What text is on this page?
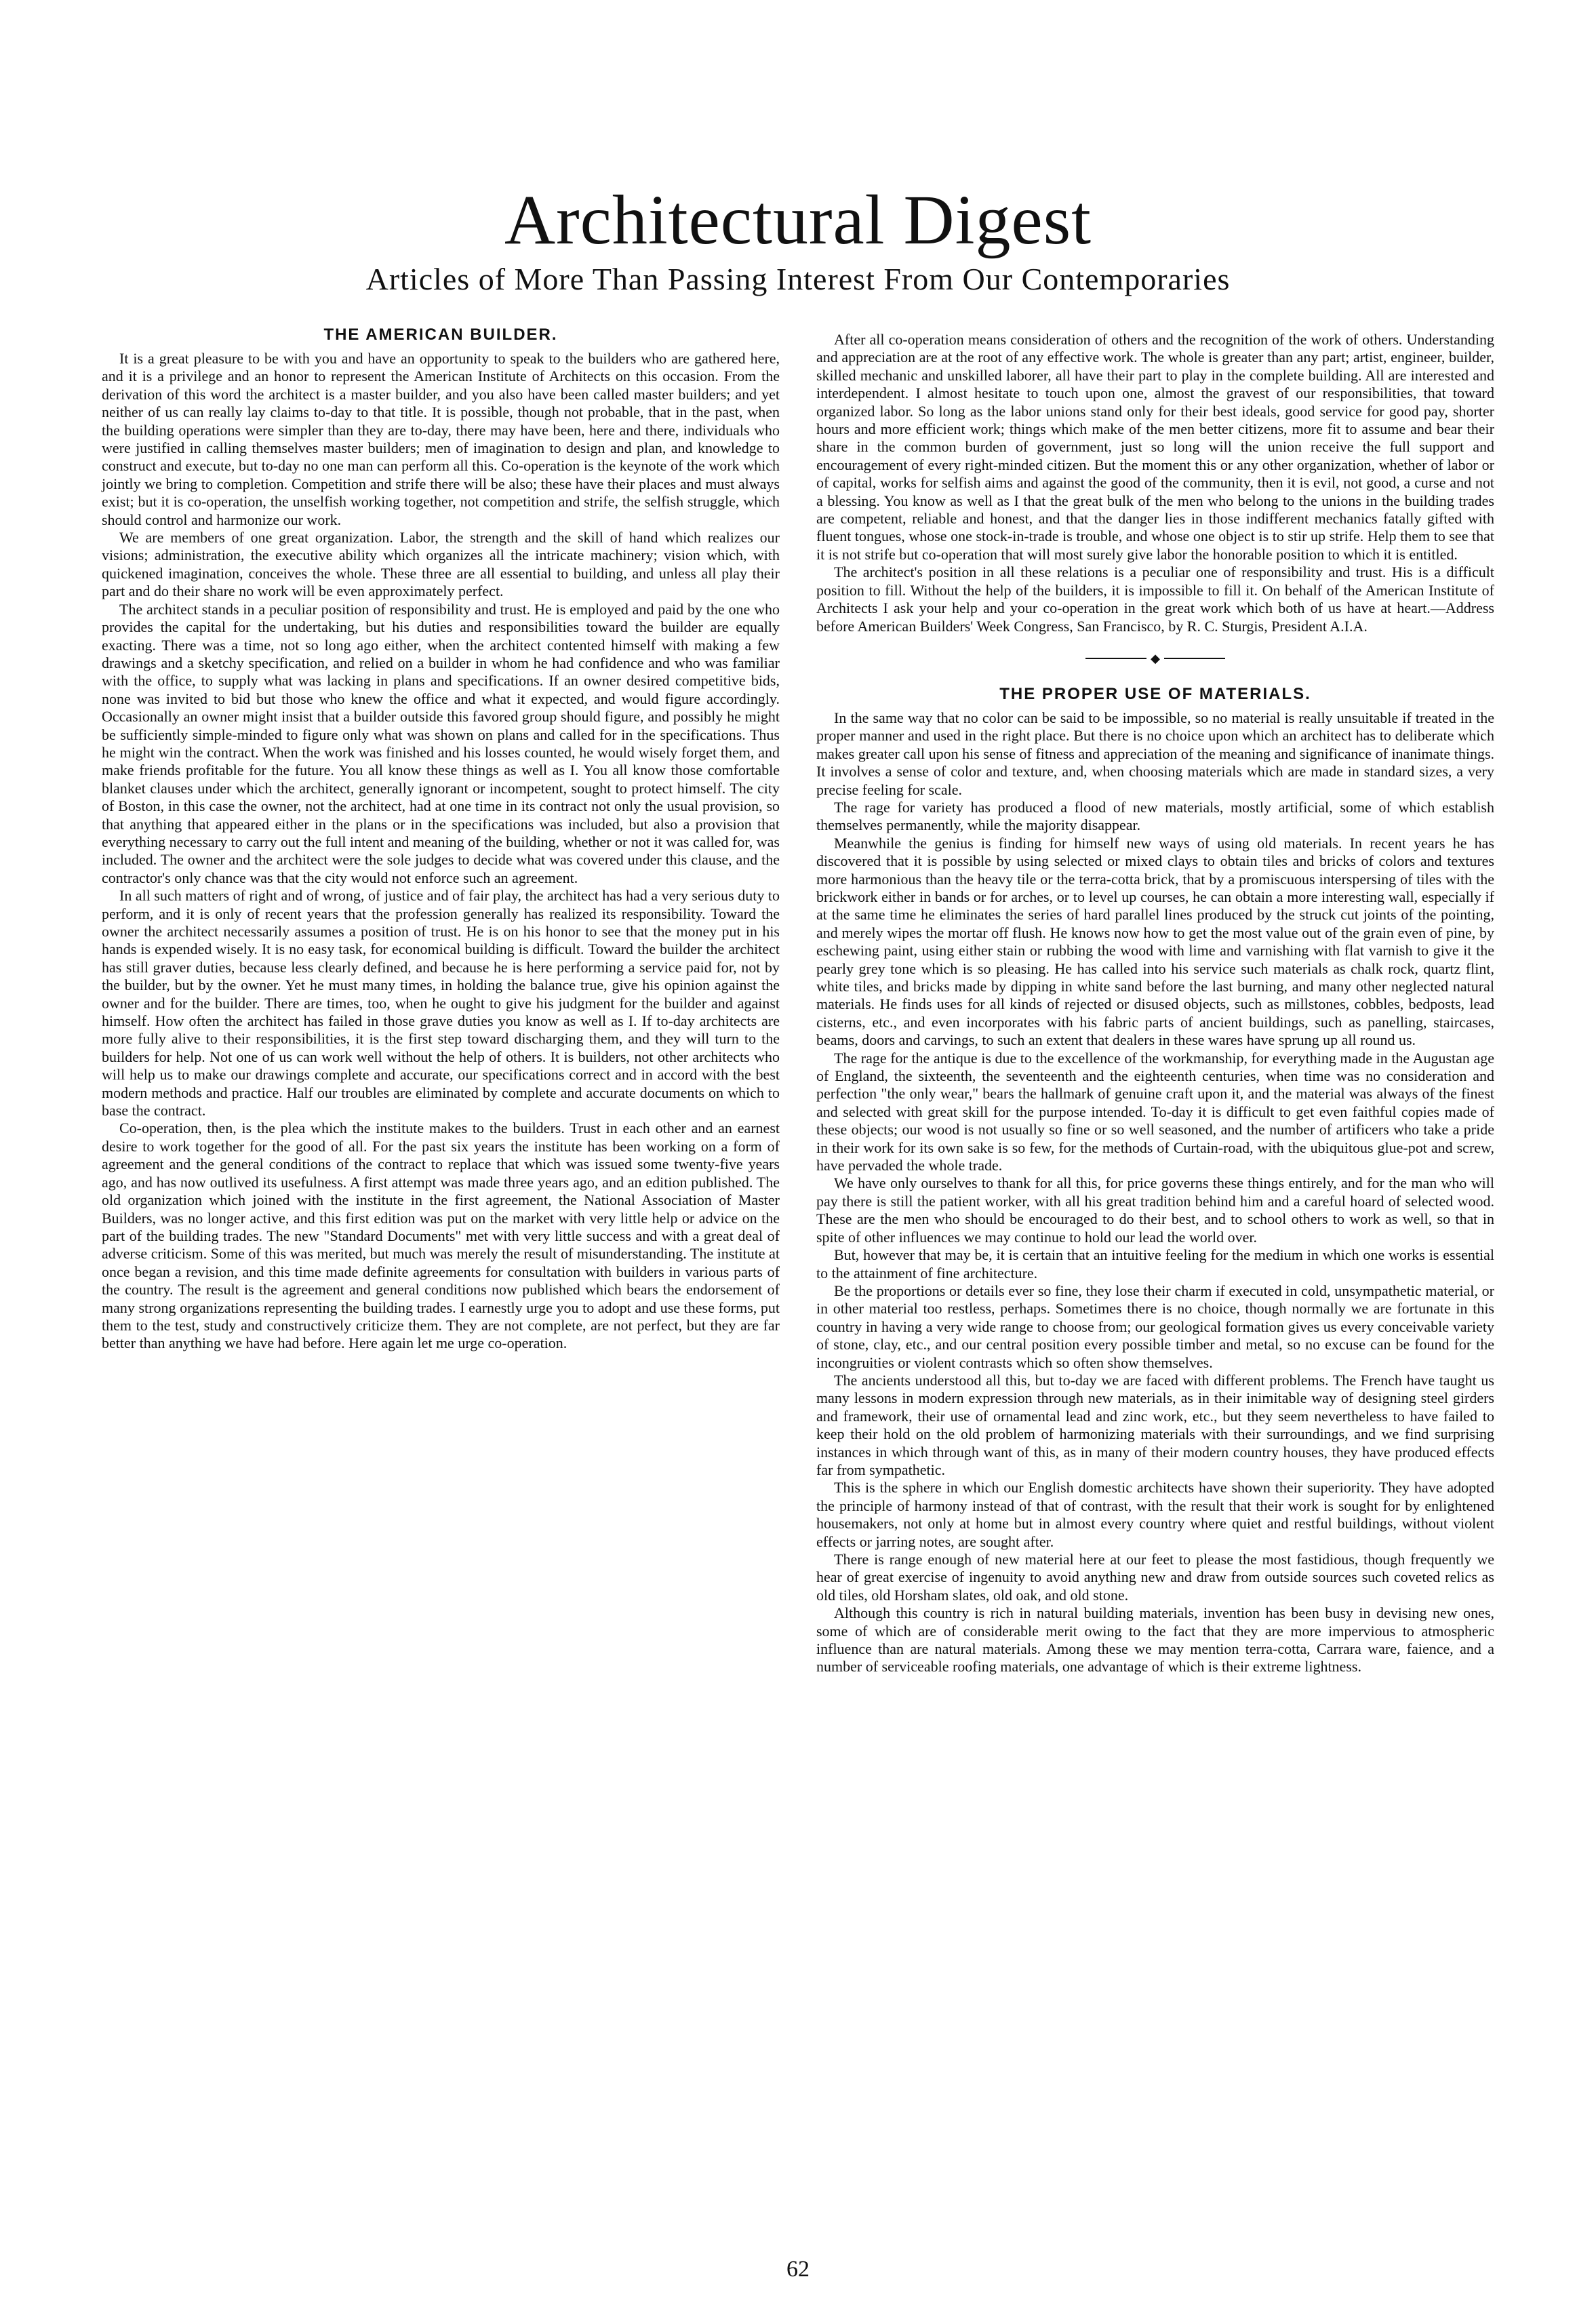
Architectural Digest
Articles of More Than Passing Interest From Our Contemporaries
THE AMERICAN BUILDER.

It is a great pleasure to be with you and have an opportunity to speak to the builders who are gathered here, and it is a privilege and an honor to represent the American Institute of Architects on this occasion. From the derivation of this word the architect is a master builder, and you also have been called master builders; and yet neither of us can really lay claims to-day to that title. It is possible, though not probable, that in the past, when the building operations were simpler than they are to-day, there may have been, here and there, individuals who were justified in calling themselves master builders; men of imagination to design and plan, and knowledge to construct and execute, but to-day no one man can perform all this. Co-operation is the keynote of the work which jointly we bring to completion. Competition and strife there will be also; these have their places and must always exist; but it is co-operation, the unselfish working together, not competition and strife, the selfish struggle, which should control and harmonize our work.

We are members of one great organization. Labor, the strength and the skill of hand which realizes our visions; administration, the executive ability which organizes all the intricate machinery; vision which, with quickened imagination, conceives the whole. These three are all essential to building, and unless all play their part and do their share no work will be even approximately perfect.

The architect stands in a peculiar position of responsibility and trust. He is employed and paid by the one who provides the capital for the undertaking, but his duties and responsibilities toward the builder are equally exacting. There was a time, not so long ago either, when the architect contented himself with making a few drawings and a sketchy specification, and relied on a builder in whom he had confidence and who was familiar with the office, to supply what was lacking in plans and specifications. If an owner desired competitive bids, none was invited to bid but those who knew the office and what it expected, and would figure accordingly. Occasionally an owner might insist that a builder outside this favored group should figure, and possibly he might be sufficiently simple-minded to figure only what was shown on plans and called for in the specifications. Thus he might win the contract. When the work was finished and his losses counted, he would wisely forget them, and make friends profitable for the future. You all know these things as well as I. You all know those comfortable blanket clauses under which the architect, generally ignorant or incompetent, sought to protect himself. The city of Boston, in this case the owner, not the architect, had at one time in its contract not only the usual provision, so that anything that appeared either in the plans or in the specifications was included, but also a provision that everything necessary to carry out the full intent and meaning of the building, whether or not it was called for, was included. The owner and the architect were the sole judges to decide what was covered under this clause, and the contractor's only chance was that the city would not enforce such an agreement.

In all such matters of right and of wrong, of justice and of fair play, the architect has had a very serious duty to perform, and it is only of recent years that the profession generally has realized its responsibility. Toward the owner the architect necessarily assumes a position of trust. He is on his honor to see that the money put in his hands is expended wisely. It is no easy task, for economical building is difficult. Toward the builder the architect has still graver duties, because less clearly defined, and because he is here performing a service paid for, not by the builder, but by the owner. Yet he must many times, in holding the balance true, give his opinion against the owner and for the builder. There are times, too, when he ought to give his judgment for the builder and against himself. How often the architect has failed in those grave duties you know as well as I. If to-day architects are more fully alive to their responsibilities, it is the first step toward discharging them, and they will turn to the builders for help. Not one of us can work well without the help of others. It is builders, not other architects who will help us to make our drawings complete and accurate, our specifications correct and in accord with the best modern methods and practice. Half our troubles are eliminated by complete and accurate documents on which to base the contract.

Co-operation, then, is the plea which the institute makes to the builders. Trust in each other and an earnest desire to work together for the good of all. For the past six years the institute has been working on a form of agreement and the general conditions of the contract to replace that which was issued some twenty-five years ago, and has now outlived its usefulness. A first attempt was made three years ago, and an edition published. The old organization which joined with the institute in the first agreement, the National Association of Master Builders, was no longer active, and this first edition was put on the market with very little help or advice on the part of the building trades. The new "Standard Documents" met with very little success and with a great deal of adverse criticism. Some of this was merited, but much was merely the result of misunderstanding. The institute at once began a revision, and this time made definite agreements for consultation with builders in various parts of the country. The result is the agreement and general conditions now published which bears the endorsement of many strong organizations representing the building trades. I earnestly urge you to adopt and use these forms, put them to the test, study and constructively criticize them. They are not complete, are not perfect, but they are far better than anything we have had before. Here again let me urge co-operation.

After all co-operation means consideration of others and the recognition of the work of others. Understanding and appreciation are at the root of any effective work. The whole is greater than any part; artist, engineer, builder, skilled mechanic and unskilled laborer, all have their part to play in the complete building. All are interested and interdependent. I almost hesitate to touch upon one, almost the gravest of our responsibilities, that toward organized labor. So long as the labor unions stand only for their best ideals, good service for good pay, shorter hours and more efficient work; things which make of the men better citizens, more fit to assume and bear their share in the common burden of government, just so long will the union receive the full support and encouragement of every right-minded citizen. But the moment this or any other organization, whether of labor or of capital, works for selfish aims and against the good of the community, then it is evil, not good, a curse and not a blessing. You know as well as I that the great bulk of the men who belong to the unions in the building trades are competent, reliable and honest, and that the danger lies in those indifferent mechanics fatally gifted with fluent tongues, whose one stock-in-trade is trouble, and whose one object is to stir up strife. Help them to see that it is not strife but co-operation that will most surely give labor the honorable position to which it is entitled.

The architect's position in all these relations is a peculiar one of responsibility and trust. His is a difficult position to fill. Without the help of the builders, it is impossible to fill it. On behalf of the American Institute of Architects I ask your help and your co-operation in the great work which both of us have at heart.—Address before American Builders' Week Congress, San Francisco, by R. C. Sturgis, President A.I.A.

◆
THE PROPER USE OF MATERIALS.

In the same way that no color can be said to be impossible, so no material is really unsuitable if treated in the proper manner and used in the right place. But there is no choice upon which an architect has to deliberate which makes greater call upon his sense of fitness and appreciation of the meaning and significance of inanimate things. It involves a sense of color and texture, and, when choosing materials which are made in standard sizes, a very precise feeling for scale.

The rage for variety has produced a flood of new materials, mostly artificial, some of which establish themselves permanently, while the majority disappear.

Meanwhile the genius is finding for himself new ways of using old materials. In recent years he has discovered that it is possible by using selected or mixed clays to obtain tiles and bricks of colors and textures more harmonious than the heavy tile or the terra-cotta brick, that by a promiscuous interspersing of tiles with the brickwork either in bands or for arches, or to level up courses, he can obtain a more interesting wall, especially if at the same time he eliminates the series of hard parallel lines produced by the struck cut joints of the pointing, and merely wipes the mortar off flush. He knows now how to get the most value out of the grain even of pine, by eschewing paint, using either stain or rubbing the wood with lime and varnishing with flat varnish to give it the pearly grey tone which is so pleasing. He has called into his service such materials as chalk rock, quartz flint, white tiles, and bricks made by dipping in white sand before the last burning, and many other neglected natural materials. He finds uses for all kinds of rejected or disused objects, such as millstones, cobbles, bedposts, lead cisterns, etc., and even incorporates with his fabric parts of ancient buildings, such as panelling, staircases, beams, doors and carvings, to such an extent that dealers in these wares have sprung up all round us.

The rage for the antique is due to the excellence of the workmanship, for everything made in the Augustan age of England, the sixteenth, the seventeenth and the eighteenth centuries, when time was no consideration and perfection "the only wear," bears the hallmark of genuine craft upon it, and the material was always of the finest and selected with great skill for the purpose intended. To-day it is difficult to get even faithful copies made of these objects; our wood is not usually so fine or so well seasoned, and the number of artificers who take a pride in their work for its own sake is so few, for the methods of Curtain-road, with the ubiquitous glue-pot and screw, have pervaded the whole trade.

We have only ourselves to thank for all this, for price governs these things entirely, and for the man who will pay there is still the patient worker, with all his great tradition behind him and a careful hoard of selected wood. These are the men who should be encouraged to do their best, and to school others to work as well, so that in spite of other influences we may continue to hold our lead the world over.

But, however that may be, it is certain that an intuitive feeling for the medium in which one works is essential to the attainment of fine architecture.

Be the proportions or details ever so fine, they lose their charm if executed in cold, unsympathetic material, or in other material too restless, perhaps. Sometimes there is no choice, though normally we are fortunate in this country in having a very wide range to choose from; our geological formation gives us every conceivable variety of stone, clay, etc., and our central position every possible timber and metal, so no excuse can be found for the incongruities or violent contrasts which so often show themselves.

The ancients understood all this, but to-day we are faced with different problems. The French have taught us many lessons in modern expression through new materials, as in their inimitable way of designing steel girders and framework, their use of ornamental lead and zinc work, etc., but they seem nevertheless to have failed to keep their hold on the old problem of harmonizing materials with their surroundings, and we find surprising instances in which through want of this, as in many of their modern country houses, they have produced effects far from sympathetic.

This is the sphere in which our English domestic architects have shown their superiority. They have adopted the principle of harmony instead of that of contrast, with the result that their work is sought for by enlightened housemakers, not only at home but in almost every country where quiet and restful buildings, without violent effects or jarring notes, are sought after.

There is range enough of new material here at our feet to please the most fastidious, though frequently we hear of great exercise of ingenuity to avoid anything new and draw from outside sources such coveted relics as old tiles, old Horsham slates, old oak, and old stone.

Although this country is rich in natural building materials, invention has been busy in devising new ones, some of which are of considerable merit owing to the fact that they are more impervious to atmospheric influence than are natural materials. Among these we may mention terra-cotta, Carrara ware, faience, and a number of serviceable roofing materials, one advantage of which is their extreme lightness.

62
